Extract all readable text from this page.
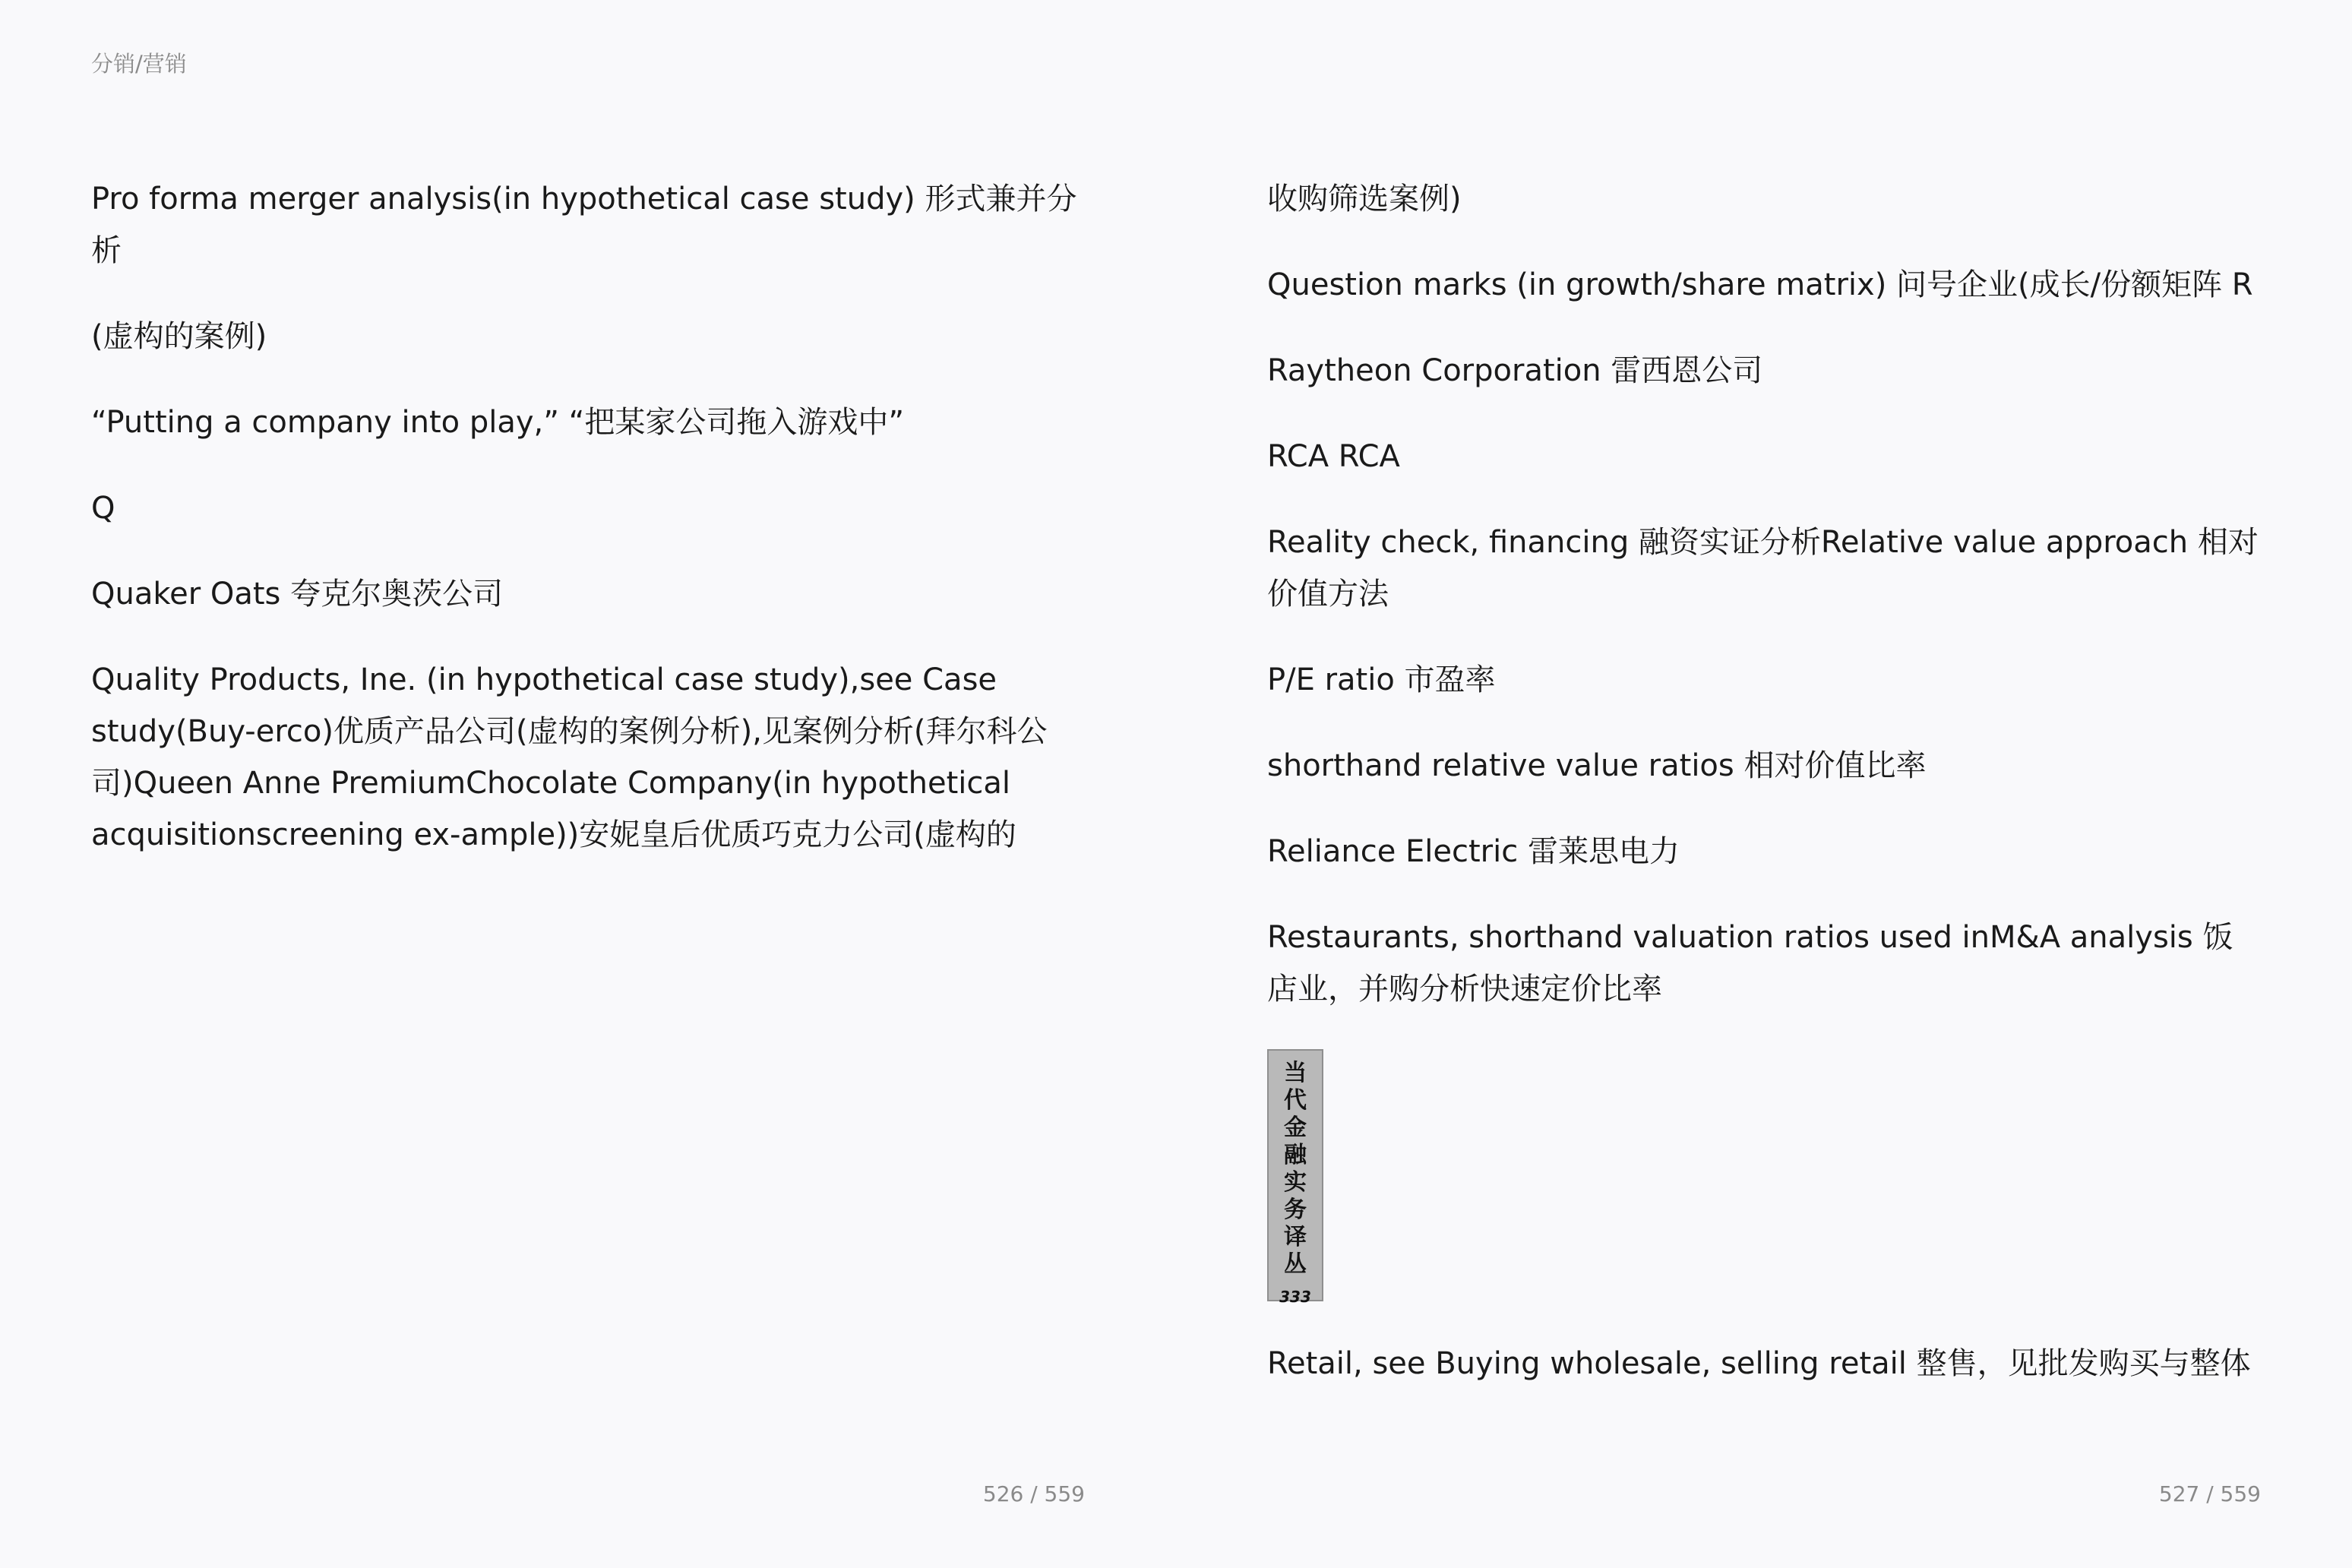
分销/营销

Pro forma merger analysis(in hypothetical case study) 形式兼并分析

(虚构的案例)

“Putting a company into play,” “把某家公司拖入游戏中”

Q

Quaker Oats 夸克尔奥茨公司

Quality Products, Ine. (in hypothetical case study),see Case study(Buy-erco)优质产品公司(虚构的案例分析),见案例分析(拜尔科公司)Queen Anne PremiumChocolate Company(in hypothetical acquisitionscreening ex-ample))安妮皇后优质巧克力公司(虚构的

收购筛选案例)

Question marks (in growth/share matrix) 问号企业(成长/份额矩阵 R

Raytheon Corporation 雷西恩公司

RCA RCA

Reality check, financing 融资实证分析Relative value approach 相对价值方法

P/E ratio 市盈率

shorthand relative value ratios 相对价值比率

Reliance Electric 雷莱思电力

Restaurants, shorthand valuation ratios used inM&A analysis 饭店业，并购分析快速定价比率

当
代
金
融
实
务
译
丛
333

Retail, see Buying wholesale, selling retail 整售，见批发购买与整体

526 / 559	527 / 559
